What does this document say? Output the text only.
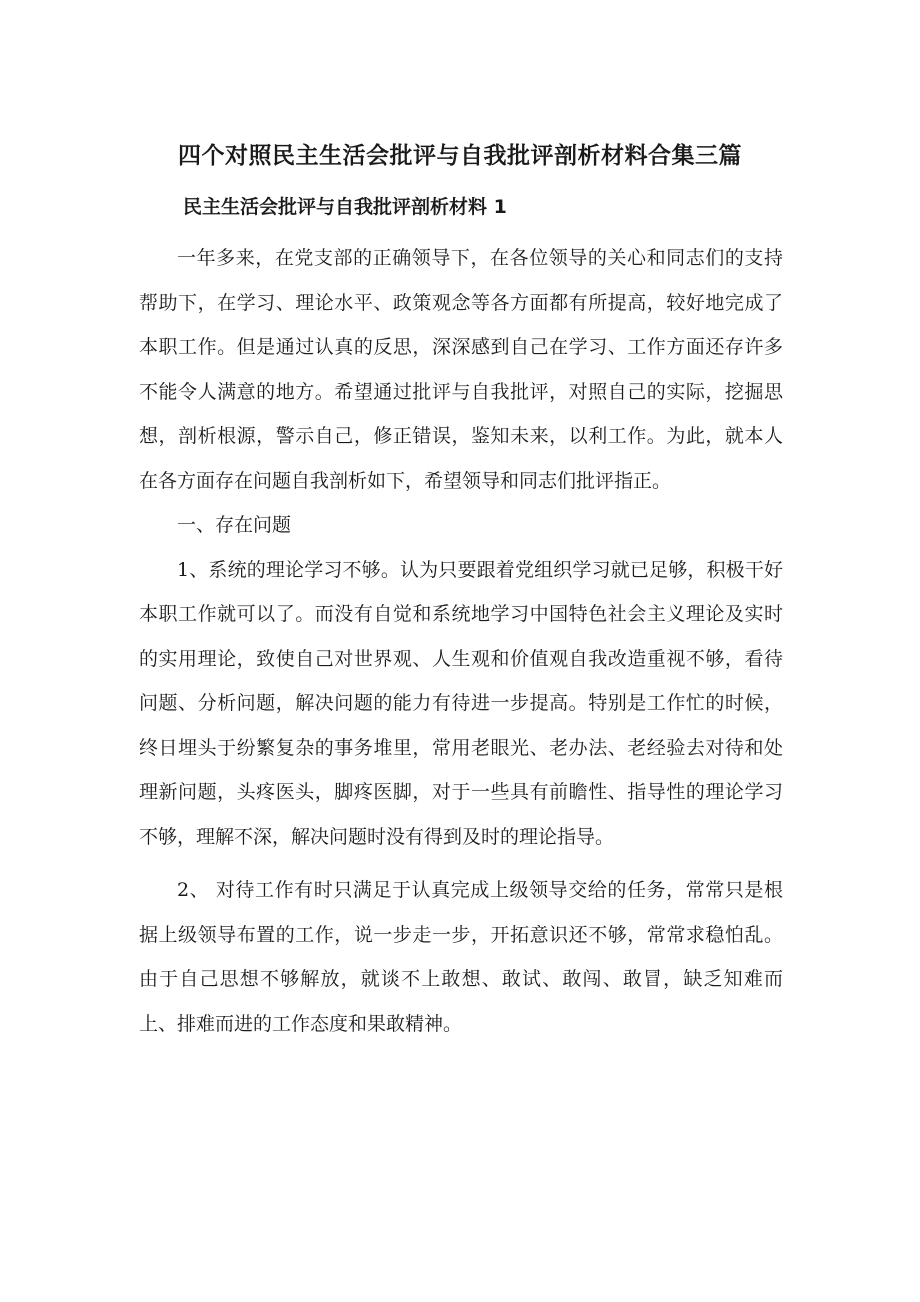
四个对照民主生活会批评与自我批评剖析材料合集三篇
民主生活会批评与自我批评剖析材料 1

一年多来，在党支部的正确领导下，在各位领导的关心和同志们的支持帮助下，在学习、理论水平、政策观念等各方面都有所提高，较好地完成了本职工作。但是通过认真的反思，深深感到自己在学习、工作方面还存许多不能令人满意的地方。希望通过批评与自我批评，对照自己的实际，挖掘思想，剖析根源，警示自己，修正错误，鉴知未来，以利工作。为此，就本人在各方面存在问题自我剖析如下，希望领导和同志们批评指正。

一、存在问题

1、系统的理论学习不够。认为只要跟着党组织学习就已足够，积极干好本职工作就可以了。而没有自觉和系统地学习中国特色社会主义理论及实时的实用理论，致使自己对世界观、人生观和价值观自我改造重视不够，看待问题、分析问题，解决问题的能力有待进一步提高。特别是工作忙的时候，终日埋头于纷繁复杂的事务堆里，常用老眼光、老办法、老经验去对待和处理新问题，头疼医头，脚疼医脚，对于一些具有前瞻性、指导性的理论学习不够，理解不深，解决问题时没有得到及时的理论指导。

2、 对待工作有时只满足于认真完成上级领导交给的任务，常常只是根据上级领导布置的工作，说一步走一步，开拓意识还不够，常常求稳怕乱。由于自己思想不够解放，就谈不上敢想、敢试、敢闯、敢冒，缺乏知难而上、排难而进的工作态度和果敢精神。
